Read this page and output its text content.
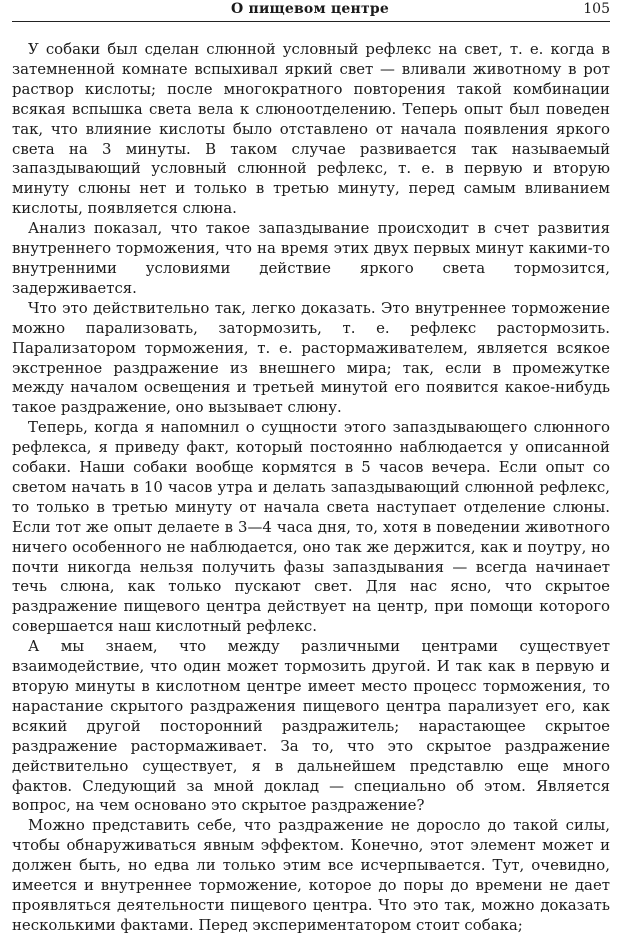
О пищевом центре	105

У собаки был сделан слюнной условный рефлекс на свет, т. е. когда в затемненной комнате вспыхивал яркий свет — вливали животному в рот раствор кислоты; после многократного повторения такой комбинации всякая вспышка света вела к слюноотделению. Теперь опыт был поведен так, что влияние кислоты было отставлено от начала появления яркого света на 3 минуты. В таком случае развивается так называемый запаздывающий условный слюнной рефлекс, т. е. в первую и вторую минуту слюны нет и только в третью минуту, перед самым вливанием кислоты, появляется слюна.

Анализ показал, что такое запаздывание происходит в счет развития внутреннего торможения, что на время этих двух первых минут какими-то внутренними условиями действие яркого света тормозится, задерживается.

Что это действительно так, легко доказать. Это внутреннее торможение можно парализовать, затормозить, т. е. рефлекс растормозить. Парализатором торможения, т. е. растормаживателем, является всякое экстренное раздражение из внешнего мира; так, если в промежутке между началом освещения и третьей минутой его появится какое-нибудь такое раздражение, оно вызывает слюну.

Теперь, когда я напомнил о сущности этого запаздывающего слюнного рефлекса, я приведу факт, который постоянно наблюдается у описанной собаки. Наши собаки вообще кормятся в 5 часов вечера. Если опыт со светом начать в 10 часов утра и делать запаздывающий слюнной рефлекс, то только в третью минуту от начала света наступает отделение слюны. Если тот же опыт делаете в 3—4 часа дня, то, хотя в поведении животного ничего особенного не наблюдается, оно так же держится, как и поутру, но почти никогда нельзя получить фазы запаздывания — всегда начинает течь слюна, как только пускают свет. Для нас ясно, что скрытое раздражение пищевого центра действует на центр, при помощи которого совершается наш кислотный рефлекс.

А мы знаем, что между различными центрами существует взаимодействие, что один может тормозить другой. И так как в первую и вторую минуты в кислотном центре имеет место процесс торможения, то нарастание скрытого раздражения пищевого центра парализует его, как всякий другой посторонний раздражитель; нарастающее скрытое раздражение растормаживает. За то, что это скрытое раздражение действительно существует, я в дальнейшем представлю еще много фактов. Следующий за мной доклад — специально об этом. Является вопрос, на чем основано это скрытое раздражение?

Можно представить себе, что раздражение не доросло до такой силы, чтобы обнаруживаться явным эффектом. Конечно, этот элемент может и должен быть, но едва ли только этим все исчерпывается. Тут, очевидно, имеется и внутреннее торможение, которое до поры до времени не дает проявляться деятельности пищевого центра. Что это так, можно доказать несколькими фактами. Перед экспериментатором стоит собака;
